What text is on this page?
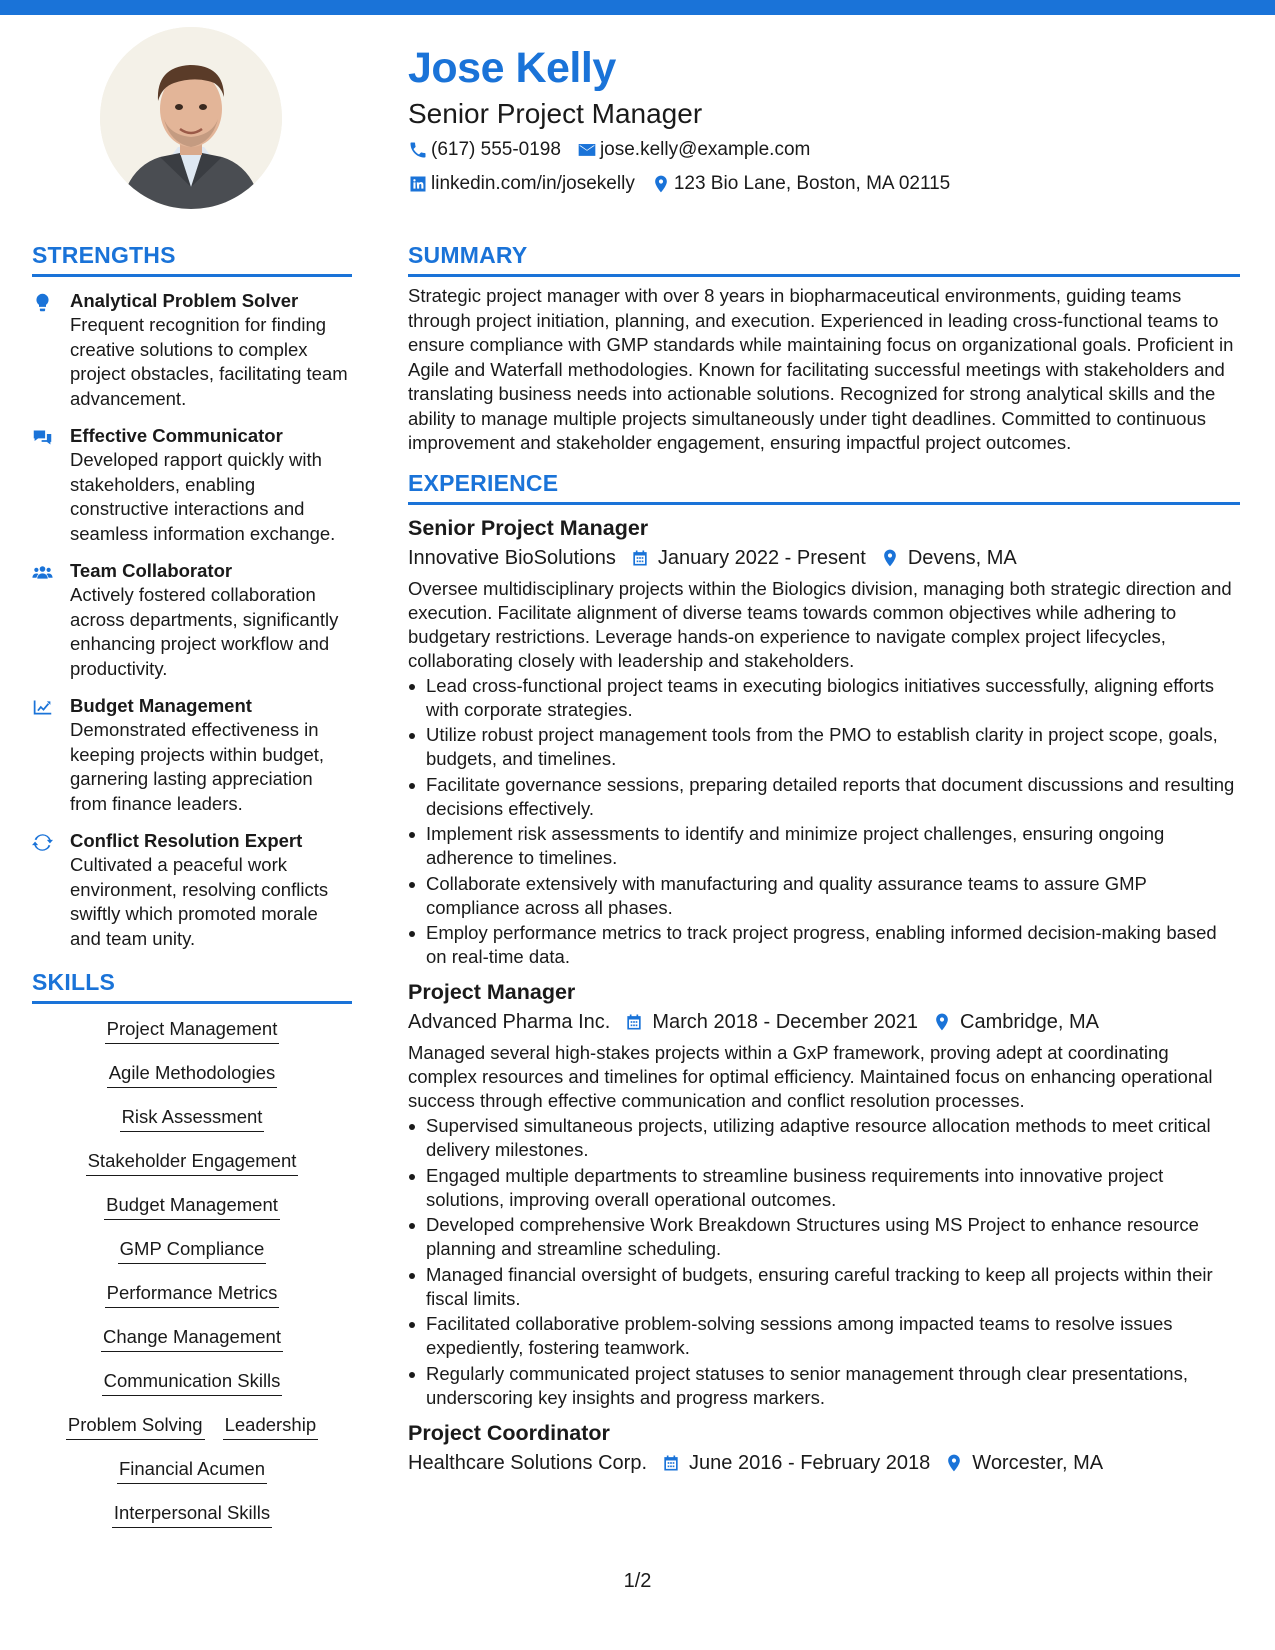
Jose Kelly
Senior Project Manager
(617) 555-0198 jose.kelly@example.com
linkedin.com/in/josekelly 123 Bio Lane, Boston, MA 02115
STRENGTHS
Analytical Problem Solver
Frequent recognition for finding creative solutions to complex project obstacles, facilitating team advancement.
Effective Communicator
Developed rapport quickly with stakeholders, enabling constructive interactions and seamless information exchange.
Team Collaborator
Actively fostered collaboration across departments, significantly enhancing project workflow and productivity.
Budget Management
Demonstrated effectiveness in keeping projects within budget, garnering lasting appreciation from finance leaders.
Conflict Resolution Expert
Cultivated a peaceful work environment, resolving conflicts swiftly which promoted morale and team unity.
SKILLS
Project Management
Agile Methodologies
Risk Assessment
Stakeholder Engagement
Budget Management
GMP Compliance
Performance Metrics
Change Management
Communication Skills
Problem Solving Leadership
Financial Acumen
Interpersonal Skills
SUMMARY
Strategic project manager with over 8 years in biopharmaceutical environments, guiding teams through project initiation, planning, and execution. Experienced in leading cross-functional teams to ensure compliance with GMP standards while maintaining focus on organizational goals. Proficient in Agile and Waterfall methodologies. Known for facilitating successful meetings with stakeholders and translating business needs into actionable solutions. Recognized for strong analytical skills and the ability to manage multiple projects simultaneously under tight deadlines. Committed to continuous improvement and stakeholder engagement, ensuring impactful project outcomes.
EXPERIENCE
Senior Project Manager
Innovative BioSolutions January 2022 - Present Devens, MA
Oversee multidisciplinary projects within the Biologics division, managing both strategic direction and execution. Facilitate alignment of diverse teams towards common objectives while adhering to budgetary restrictions. Leverage hands-on experience to navigate complex project lifecycles, collaborating closely with leadership and stakeholders.
Lead cross-functional project teams in executing biologics initiatives successfully, aligning efforts with corporate strategies.
Utilize robust project management tools from the PMO to establish clarity in project scope, goals, budgets, and timelines.
Facilitate governance sessions, preparing detailed reports that document discussions and resulting decisions effectively.
Implement risk assessments to identify and minimize project challenges, ensuring ongoing adherence to timelines.
Collaborate extensively with manufacturing and quality assurance teams to assure GMP compliance across all phases.
Employ performance metrics to track project progress, enabling informed decision-making based on real-time data.
Project Manager
Advanced Pharma Inc. March 2018 - December 2021 Cambridge, MA
Managed several high-stakes projects within a GxP framework, proving adept at coordinating complex resources and timelines for optimal efficiency. Maintained focus on enhancing operational success through effective communication and conflict resolution processes.
Supervised simultaneous projects, utilizing adaptive resource allocation methods to meet critical delivery milestones.
Engaged multiple departments to streamline business requirements into innovative project solutions, improving overall operational outcomes.
Developed comprehensive Work Breakdown Structures using MS Project to enhance resource planning and streamline scheduling.
Managed financial oversight of budgets, ensuring careful tracking to keep all projects within their fiscal limits.
Facilitated collaborative problem-solving sessions among impacted teams to resolve issues expediently, fostering teamwork.
Regularly communicated project statuses to senior management through clear presentations, underscoring key insights and progress markers.
Project Coordinator
Healthcare Solutions Corp. June 2016 - February 2018 Worcester, MA
1/2
